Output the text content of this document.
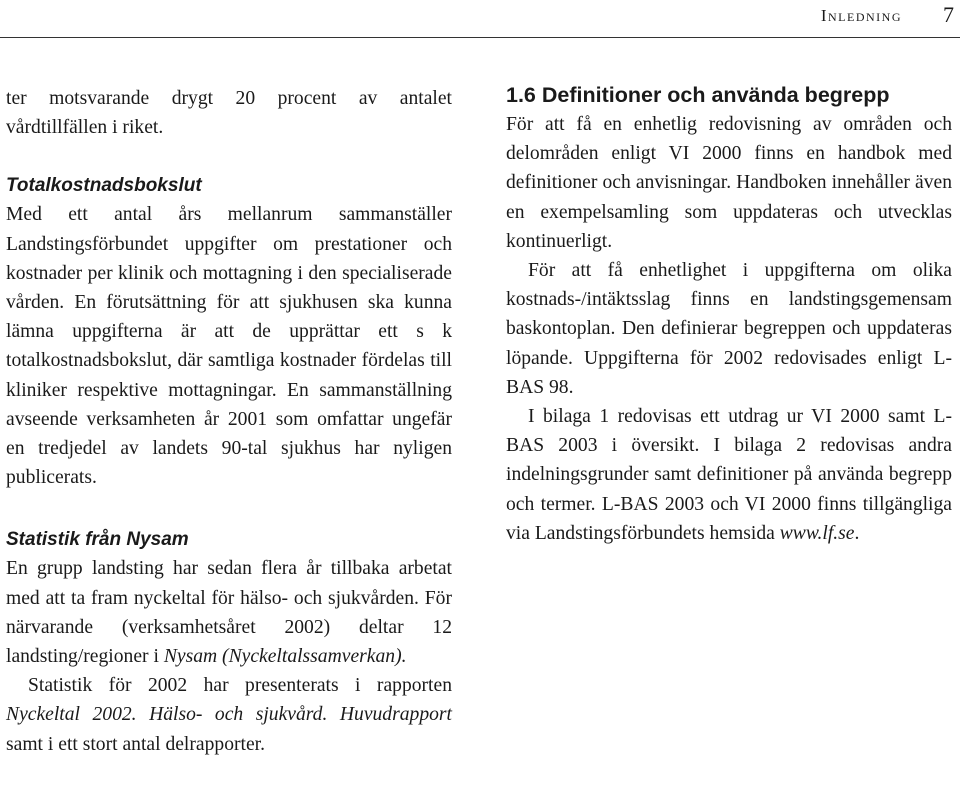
Inledning 7

ter motsvarande drygt 20 procent av antalet vårdtillfällen i riket.

Totalkostnadsbokslut

Med ett antal års mellanrum sammanställer Landstingsförbundet uppgifter om prestationer och kostnader per klinik och mottagning i den specialiserade vården. En förutsättning för att sjukhusen ska kunna lämna uppgifterna är att de upprättar ett s k totalkostnadsbokslut, där samtliga kostnader fördelas till kliniker respektive mottagningar. En sammanställning avseende verksamheten år 2001 som omfattar ungefär en tredjedel av landets 90-tal sjukhus har nyligen publicerats.

Statistik från Nysam

En grupp landsting har sedan flera år tillbaka arbetat med att ta fram nyckeltal för hälso- och sjukvården. För närvarande (verksamhetsåret 2002) deltar 12 landsting/regioner i Nysam (Nyckeltalssamverkan).

Statistik för 2002 har presenterats i rapporten Nyckeltal 2002. Hälso- och sjukvård. Huvudrapport samt i ett stort antal delrapporter.

1.6 Definitioner och använda begrepp

För att få en enhetlig redovisning av områden och delområden enligt VI 2000 finns en handbok med definitioner och anvisningar. Handboken innehåller även en exempelsamling som uppdateras och utvecklas kontinuerligt.

För att få enhetlighet i uppgifterna om olika kostnads-/intäktsslag finns en landstingsgemensam baskontoplan. Den definierar begreppen och uppdateras löpande. Uppgifterna för 2002 redovisades enligt L-BAS 98.

I bilaga 1 redovisas ett utdrag ur VI 2000 samt L-BAS 2003 i översikt. I bilaga 2 redovisas andra indelningsgrunder samt definitioner på använda begrepp och termer. L-BAS 2003 och VI 2000 finns tillgängliga via Landstingsförbundets hemsida www.lf.se.
